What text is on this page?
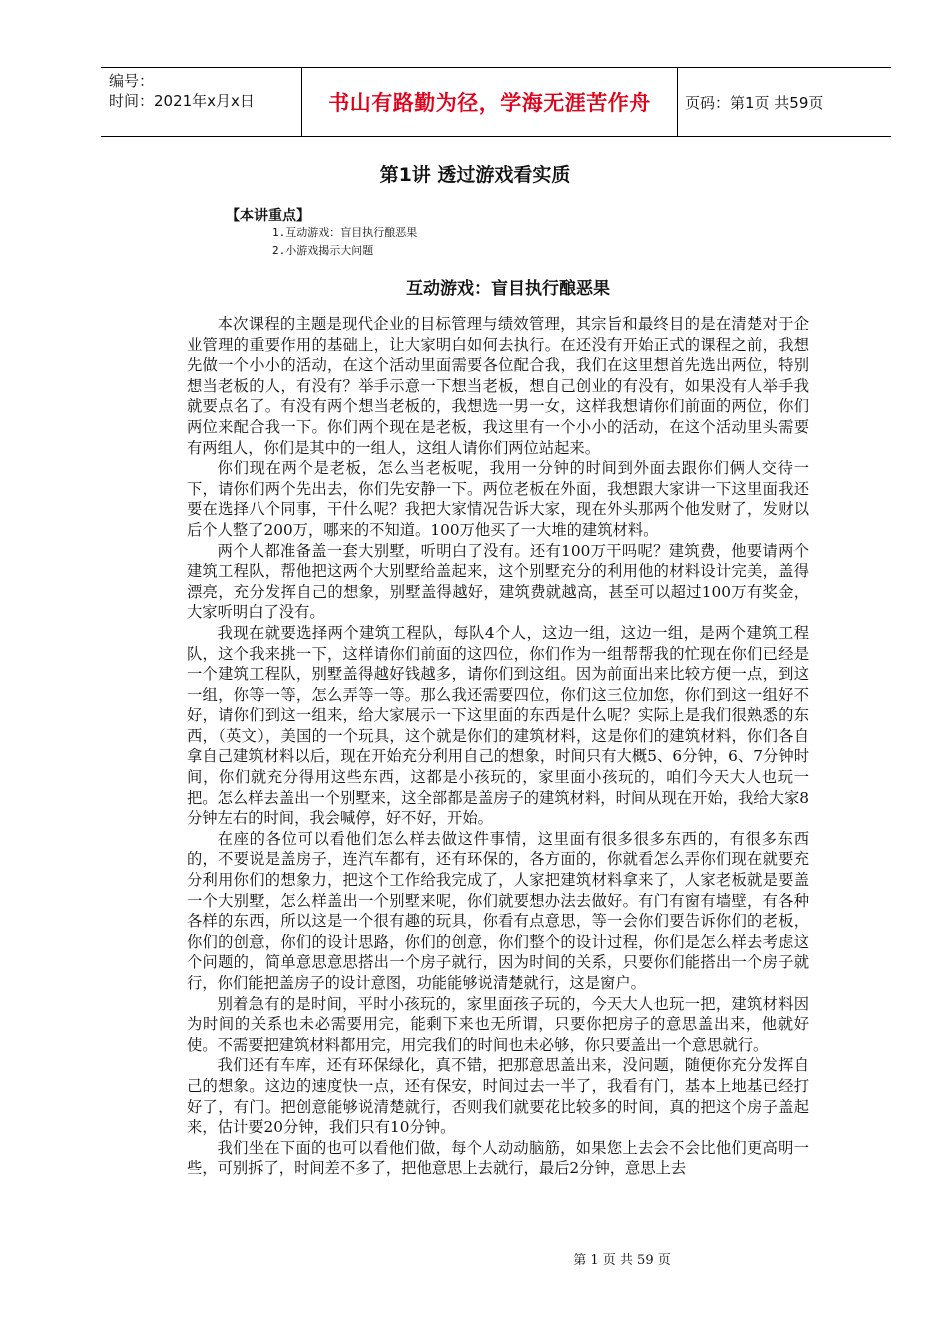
编号：
时间：2021年x月x日	书山有路勤为径，学海无涯苦作舟	页码：第1页 共59页
第1讲 透过游戏看实质
【本讲重点】
1.互动游戏：盲目执行酿恶果
2.小游戏揭示大问题
互动游戏：盲目执行酿恶果

本次课程的主题是现代企业的目标管理与绩效管理，其宗旨和最终目的是在清楚对于企业管理的重要作用的基础上，让大家明白如何去执行。在还没有开始正式的课程之前，我想先做一个小小的活动，在这个活动里面需要各位配合我，我们在这里想首先选出两位，特别想当老板的人，有没有？举手示意一下想当老板，想自己创业的有没有，如果没有人举手我就要点名了。有没有两个想当老板的，我想选一男一女，这样我想请你们前面的两位，你们两位来配合我一下。你们两个现在是老板，我这里有一个小小的活动，在这个活动里头需要有两组人，你们是其中的一组人，这组人请你们两位站起来。

你们现在两个是老板，怎么当老板呢，我用一分钟的时间到外面去跟你们俩人交待一下，请你们两个先出去，你们先安静一下。两位老板在外面，我想跟大家讲一下这里面我还要在选择八个同事，干什么呢？我把大家情况告诉大家，现在外头那两个他发财了，发财以后个人整了200万，哪来的不知道。100万他买了一大堆的建筑材料。

两个人都准备盖一套大别墅，听明白了没有。还有100万干吗呢？建筑费，他要请两个建筑工程队，帮他把这两个大别墅给盖起来，这个别墅充分的利用他的材料设计完美，盖得漂亮，充分发挥自己的想象，别墅盖得越好，建筑费就越高，甚至可以超过100万有奖金，大家听明白了没有。

我现在就要选择两个建筑工程队，每队4个人，这边一组，这边一组，是两个建筑工程队，这个我来挑一下，这样请你们前面的这四位，你们作为一组帮帮我的忙现在你们已经是一个建筑工程队，别墅盖得越好钱越多，请你们到这组。因为前面出来比较方便一点，到这一组，你等一等，怎么弄等一等。那么我还需要四位，你们这三位加您，你们到这一组好不好，请你们到这一组来，给大家展示一下这里面的东西是什么呢？实际上是我们很熟悉的东西，（英文），美国的一个玩具，这个就是你们的建筑材料，这是你们的建筑材料，你们各自拿自己建筑材料以后，现在开始充分利用自己的想象，时间只有大概5、6分钟，6、7分钟时间，你们就充分得用这些东西，这都是小孩玩的，家里面小孩玩的，咱们今天大人也玩一把。怎么样去盖出一个别墅来，这全部都是盖房子的建筑材料，时间从现在开始，我给大家8分钟左右的时间，我会喊停，好不好，开始。

在座的各位可以看他们怎么样去做这件事情，这里面有很多很多东西的，有很多东西的，不要说是盖房子，连汽车都有，还有环保的，各方面的，你就看怎么弄你们现在就要充分利用你们的想象力，把这个工作给我完成了，人家把建筑材料拿来了，人家老板就是要盖一个大别墅，怎么样盖出一个别墅来呢，你们就要想办法去做好。有门有窗有墙壁，有各种各样的东西，所以这是一个很有趣的玩具，你看有点意思，等一会你们要告诉你们的老板，你们的创意，你们的设计思路，你们的创意，你们整个的设计过程，你们是怎么样去考虑这个问题的，简单意思意思搭出一个房子就行，因为时间的关系，只要你们能搭出一个房子就行，你们能把盖房子的设计意图，功能能够说清楚就行，这是窗户。

别着急有的是时间，平时小孩玩的，家里面孩子玩的，今天大人也玩一把，建筑材料因为时间的关系也未必需要用完，能剩下来也无所谓，只要你把房子的意思盖出来，他就好使。不需要把建筑材料都用完，用完我们的时间也未必够，你只要盖出一个意思就行。

我们还有车库，还有环保绿化，真不错，把那意思盖出来，没问题，随便你充分发挥自己的想象。这边的速度快一点，还有保安，时间过去一半了，我看有门，基本上地基已经打好了，有门。把创意能够说清楚就行，否则我们就要花比较多的时间，真的把这个房子盖起来，估计要20分钟，我们只有10分钟。

我们坐在下面的也可以看他们做，每个人动动脑筋，如果您上去会不会比他们更高明一些，可别拆了，时间差不多了，把他意思上去就行，最后2分钟，意思上去

第 1 页 共 59 页
